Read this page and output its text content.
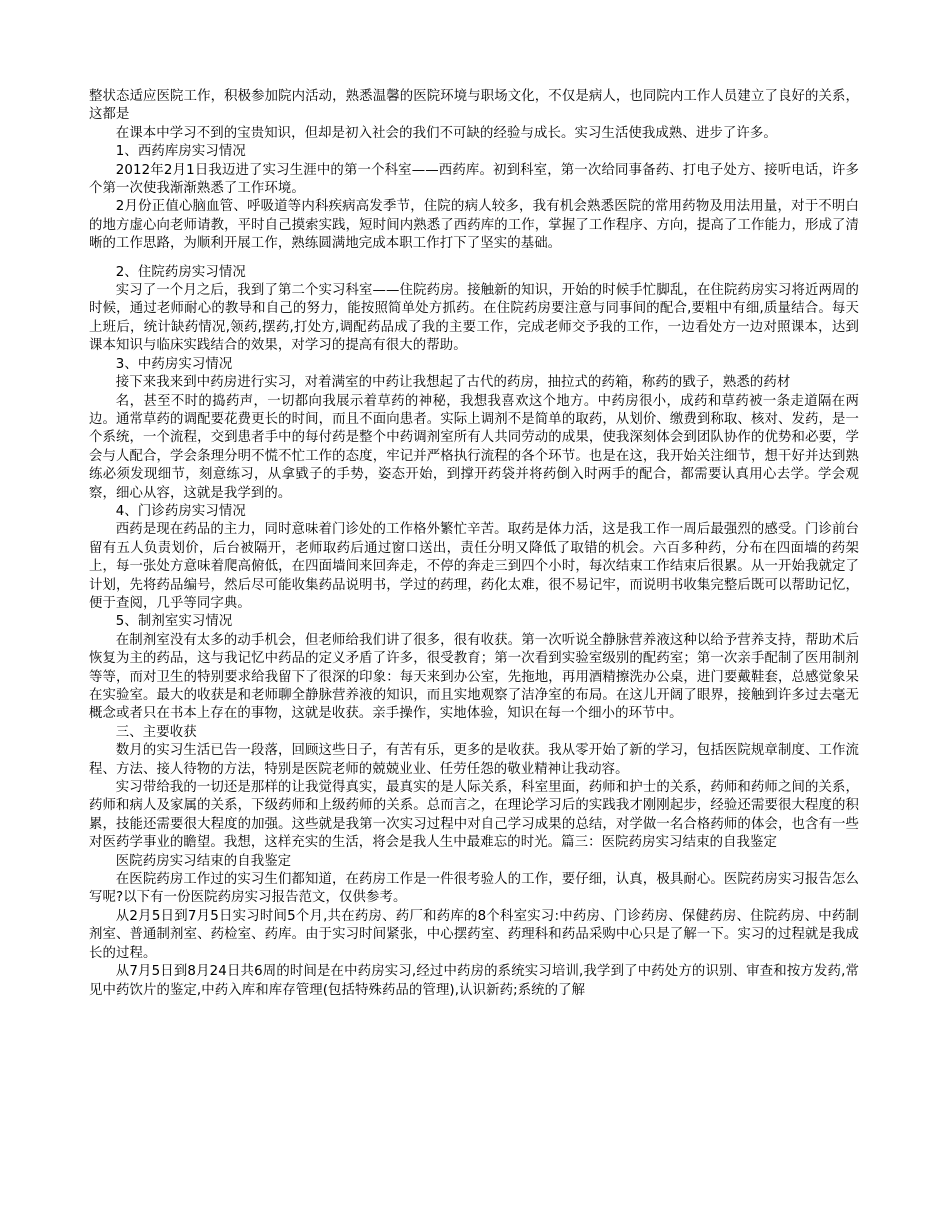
整状态适应医院工作，积极参加院内活动，熟悉温馨的医院环境与职场文化，不仅是病人，也同院内工作人员建立了良好的关系，这都是

在课本中学习不到的宝贵知识，但却是初入社会的我们不可缺的经验与成长。实习生活使我成熟、进步了许多。

1、西药库房实习情况

2012年2月1日我迈进了实习生涯中的第一个科室——西药库。初到科室，第一次给同事备药、打电子处方、接听电话，许多个第一次使我渐渐熟悉了工作环境。

2月份正值心脑血管、呼吸道等内科疾病高发季节，住院的病人较多，我有机会熟悉医院的常用药物及用法用量，对于不明白的地方虚心向老师请教，平时自己摸索实践，短时间内熟悉了西药库的工作，掌握了工作程序、方向，提高了工作能力，形成了清晰的工作思路，为顺利开展工作，熟练圆满地完成本职工作打下了坚实的基础。

2、住院药房实习情况

实习了一个月之后，我到了第二个实习科室——住院药房。接触新的知识，开始的时候手忙脚乱，在住院药房实习将近两周的时候，通过老师耐心的教导和自己的努力，能按照简单处方抓药。在住院药房要注意与同事间的配合,要粗中有细,质量结合。每天上班后，统计缺药情况,领药,摆药,打处方,调配药品成了我的主要工作，完成老师交予我的工作，一边看处方一边对照课本，达到课本知识与临床实践结合的效果，对学习的提高有很大的帮助。

3、中药房实习情况

接下来我来到中药房进行实习，对着满室的中药让我想起了古代的药房，抽拉式的药箱，称药的戥子，熟悉的药材

名，甚至不时的捣药声，一切都向我展示着草药的神秘，我想我喜欢这个地方。中药房很小，成药和草药被一条走道隔在两边。通常草药的调配要花费更长的时间，而且不面向患者。实际上调剂不是简单的取药，从划价、缴费到称取、核对、发药，是一个系统，一个流程，交到患者手中的每付药是整个中药调剂室所有人共同劳动的成果，使我深刻体会到团队协作的优势和必要，学会与人配合，学会条理分明不慌不忙工作的态度，牢记并严格执行流程的各个环节。也是在这，我开始关注细节，想干好并达到熟练必须发现细节，刻意练习，从拿戥子的手势，姿态开始，到撑开药袋并将药倒入时两手的配合，都需要认真用心去学。学会观察，细心从容，这就是我学到的。

4、门诊药房实习情况

西药是现在药品的主力，同时意味着门诊处的工作格外繁忙辛苦。取药是体力活，这是我工作一周后最强烈的感受。门诊前台留有五人负责划价，后台被隔开，老师取药后通过窗口送出，责任分明又降低了取错的机会。六百多种药，分布在四面墙的药架上，每一张处方意味着爬高俯低，在四面墙间来回奔走，不停的奔走三到四个小时，每次结束工作结束后很累。从一开始我就定了计划，先将药品编号，然后尽可能收集药品说明书，学过的药理，药化太难，很不易记牢，而说明书收集完整后既可以帮助记忆，便于查阅，几乎等同字典。

5、制剂室实习情况

在制剂室没有太多的动手机会，但老师给我们讲了很多，很有收获。第一次听说全静脉营养液这种以给予营养支持，帮助术后恢复为主的药品，这与我记忆中药品的定义矛盾了许多，很受教育；第一次看到实验室级别的配药室；第一次亲手配制了医用制剂等等，而对卫生的特别要求给我留下了很深的印象：每天来到办公室，先拖地，再用酒精擦洗办公桌，进门要戴鞋套，总感觉象呆在实验室。最大的收获是和老师聊全静脉营养液的知识，而且实地观察了洁净室的布局。在这儿开阔了眼界，接触到许多过去毫无概念或者只在书本上存在的事物，这就是收获。亲手操作，实地体验，知识在每一个细小的环节中。

三、主要收获

数月的实习生活已告一段落，回顾这些日子，有苦有乐，更多的是收获。我从零开始了新的学习，包括医院规章制度、工作流程、方法、接人待物的方法，特别是医院老师的兢兢业业、任劳任怨的敬业精神让我动容。

实习带给我的一切还是那样的让我觉得真实，最真实的是人际关系，科室里面，药师和护士的关系，药师和药师之间的关系，药师和病人及家属的关系，下级药师和上级药师的关系。总而言之，在理论学习后的实践我才刚刚起步，经验还需要很大程度的积累，技能还需要很大程度的加强。这些就是我第一次实习过程中对自己学习成果的总结，对学做一名合格药师的体会，也含有一些对医药学事业的瞻望。我想，这样充实的生活，将会是我人生中最难忘的时光。篇三：医院药房实习结束的自我鉴定

医院药房实习结束的自我鉴定

在医院药房工作过的实习生们都知道，在药房工作是一件很考验人的工作，要仔细，认真，极具耐心。医院药房实习报告怎么写呢?以下有一份医院药房实习报告范文，仅供参考。

从2月5日到7月5日实习时间5个月,共在药房、药厂和药库的8个科室实习:中药房、门诊药房、保健药房、住院药房、中药制剂室、普通制剂室、药检室、药库。由于实习时间紧张，中心摆药室、药理科和药品采购中心只是了解一下。实习的过程就是我成长的过程。

从7月5日到8月24日共6周的时间是在中药房实习,经过中药房的系统实习培训,我学到了中药处方的识别、审查和按方发药,常见中药饮片的鉴定,中药入库和库存管理(包括特殊药品的管理),认识新药;系统的了解
